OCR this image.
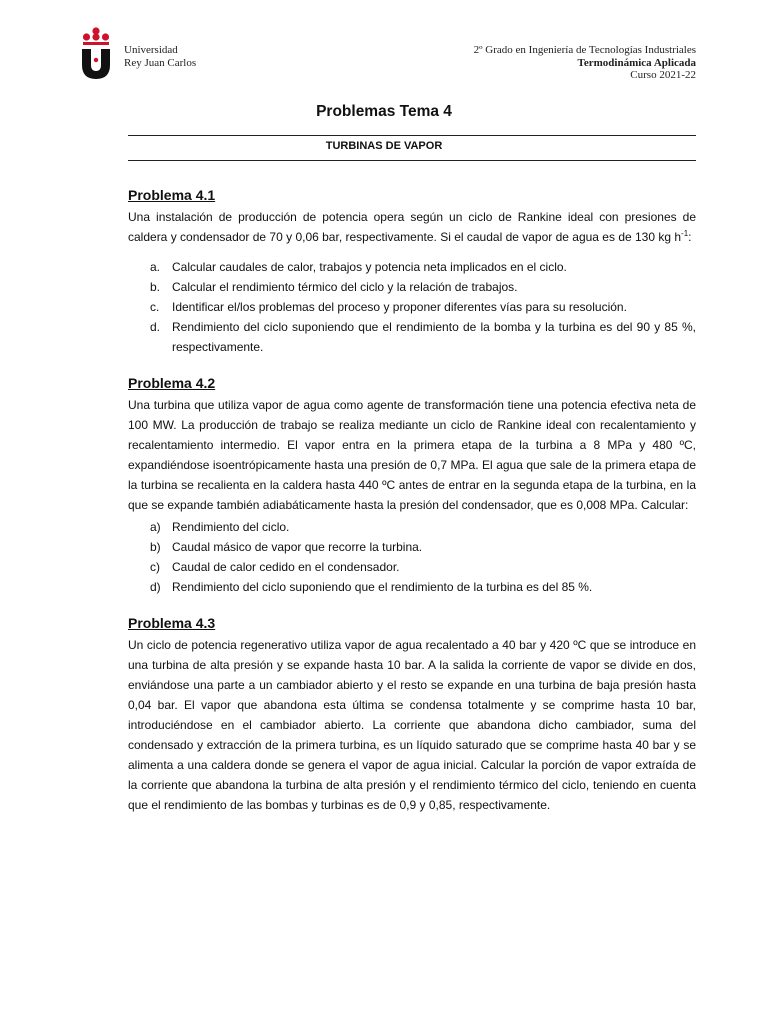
Universidad
Rey Juan Carlos
2º Grado en Ingeniería de Tecnologías Industriales
Termodinámica Aplicada
Curso 2021-22
Problemas Tema 4
TURBINAS DE VAPOR
Problema 4.1

Una instalación de producción de potencia opera según un ciclo de Rankine ideal con presiones de caldera y condensador de 70 y 0,06 bar, respectivamente. Si el caudal de vapor de agua es de 130 kg $h^{-1}$:

a. Calcular caudales de calor, trabajos y potencia neta implicados en el ciclo.
b. Calcular el rendimiento térmico del ciclo y la relación de trabajos.
c.	Identificar el/los problemas del proceso y proponer diferentes vías para su resolución.
d. Rendimiento del ciclo suponiendo que el rendimiento de la bomba y la turbina es del 90 y 85 %, respectivamente.
Problema 4.2

Una turbina que utiliza vapor de agua como agente de transformación tiene una potencia efectiva neta de 100 MW. La producción de trabajo se realiza mediante un ciclo de Rankine ideal con recalentamiento y recalentamiento intermedio. El vapor entra en la primera etapa de la turbina a 8 MPa y 480 ºC, expandiéndose isoentrópicamente hasta una presión de 0,7 MPa. El agua que sale de la primera etapa de la turbina se recalienta en la caldera hasta 440 ºC antes de entrar en la segunda etapa de la turbina, en la que se expande también adiabáticamente hasta la presión del condensador, que es 0,008 MPa. Calcular:

a) Rendimiento del ciclo.
b) Caudal másico de vapor que recorre la turbina.
c)	Caudal de calor cedido en el condensador.
d) Rendimiento del ciclo suponiendo que el rendimiento de la turbina es del 85 %.
Problema 4.3

Un ciclo de potencia regenerativo utiliza vapor de agua recalentado a 40 bar y 420 ºC que se introduce en una turbina de alta presión y se expande hasta 10 bar. A la salida la corriente de vapor se divide en dos, enviándose una parte a un cambiador abierto y el resto se expande en una turbina de baja presión hasta 0,04 bar. El vapor que abandona esta última se condensa totalmente y se comprime hasta 10 bar, introduciéndose en el cambiador abierto. La corriente que abandona dicho cambiador, suma del condensado y extracción de la primera turbina, es un líquido saturado que se comprime hasta 40 bar y se alimenta a una caldera donde se genera el vapor de agua inicial. Calcular la porción de vapor extraída de la corriente que abandona la turbina de alta presión y el rendimiento térmico del ciclo, teniendo en cuenta que el rendimiento de las bombas y turbinas es de 0,9 y 0,85, respectivamente.
